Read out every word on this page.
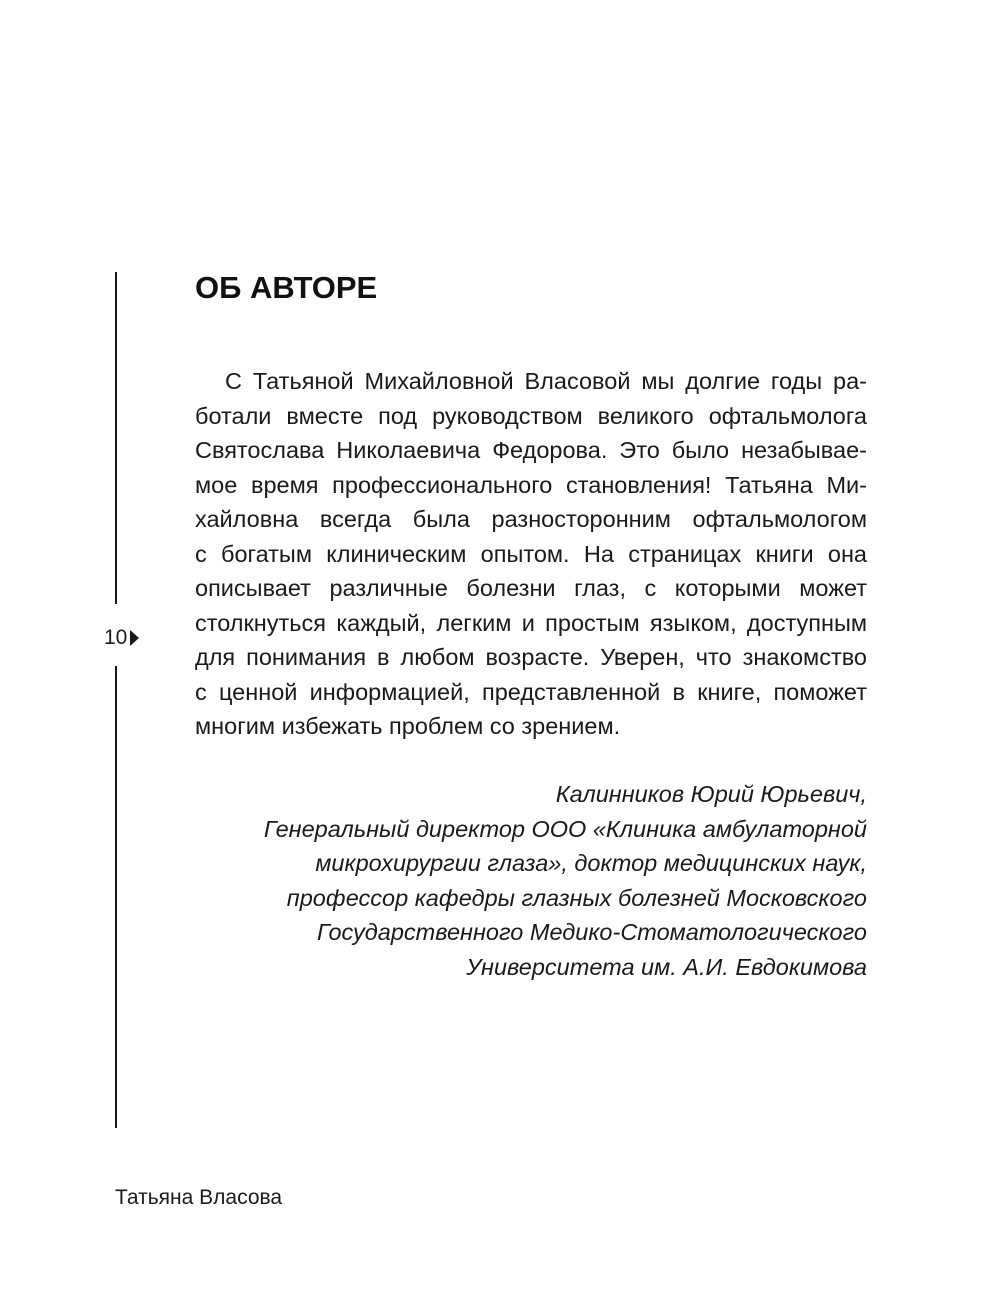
10
ОБ АВТОРЕ
С Татьяной Михайловной Власовой мы долгие годы ра-
ботали вместе под руководством великого офтальмолога
Святослава Николаевича Федорова. Это было незабывае-
мое время профессионального становления! Татьяна Ми-
хайловна всегда была разносторонним офтальмологом
с богатым клиническим опытом. На страницах книги она
описывает различные болезни глаз, с которыми может
столкнуться каждый, легким и простым языком, доступным
для понимания в любом возрасте. Уверен, что знакомство
с ценной информацией, представленной в книге, поможет
многим избежать проблем со зрением.
Калинников Юрий Юрьевич,
Генеральный директор ООО «Клиника амбулаторной
микрохирургии глаза», доктор медицинских наук,
профессор кафедры глазных болезней Московского
Государственного Медико-Стоматологического
Университета им. А.И. Евдокимова
Татьяна Власова
